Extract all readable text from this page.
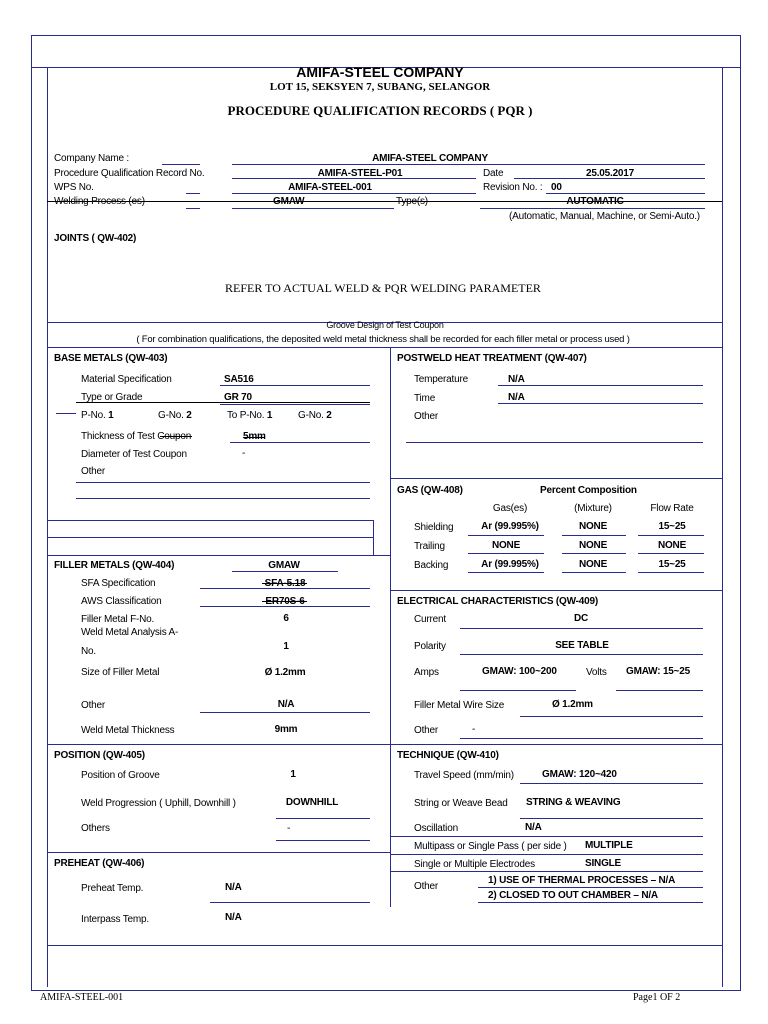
AMIFA-STEEL COMPANY
LOT 15, SEKSYEN 7, SUBANG, SELANGOR
PROCEDURE QUALIFICATION RECORDS ( PQR )
Company Name :	AMIFA-STEEL COMPANY
Procedure Qualification Record No.	AMIFA-STEEL-P01	Date	25.05.2017
WPS No.	AMIFA-STEEL-001	Revision No. : 00
Welding Process (es)	GMAW	Type(s)	AUTOMATIC
(Automatic, Manual, Machine, or Semi-Auto.)
JOINTS ( QW-402)
REFER TO ACTUAL WELD & PQR WELDING PARAMETER
Groove Design of Test Coupon
( For combination qualifications, the deposited weld metal thickness shall be recorded for each filler metal or process used )
BASE METALS (QW-403)
Material Specification	SA516
Type or Grade	GR 70
P-No. 1	G-No. 2	To P-No. 1	G-No. 2
Thickness of Test Coupon	5mm
Diameter of Test Coupon	-
Other
POSTWELD HEAT TREATMENT (QW-407)
Temperature	N/A
Time	N/A
Other
GAS (QW-408)	Percent Composition
Gas(es)	(Mixture)	Flow Rate
Shielding	Ar (99.995%)	NONE	15~25
Trailing	NONE	NONE	NONE
Backing	Ar (99.995%)	NONE	15~25
FILLER METALS (QW-404)	GMAW
SFA Specification	SFA-5.18
AWS Classification	ER70S-6
Filler Metal F-No.	6
Weld Metal Analysis A-
No.	1
Size of Filler Metal	Ø 1.2mm
Other	N/A
Weld Metal Thickness	9mm
ELECTRICAL CHARACTERISTICS (QW-409)
Current	DC
Polarity	SEE TABLE
Amps	GMAW: 100~200	Volts GMAW: 15~25
Filler Metal Wire Size	Ø 1.2mm
Other	-
POSITION (QW-405)
Position of Groove	1
Weld Progression ( Uphill, Downhill )	DOWNHILL
Others	-
TECHNIQUE (QW-410)
Travel Speed (mm/min)	GMAW: 120~420
String or Weave Bead STRING & WEAVING
Oscillation	N/A
Multipass or Single Pass ( per side ) MULTIPLE
Single or Multiple Electrodes	SINGLE
Other
1) USE OF THERMAL PROCESSES – N/A
2) CLOSED TO OUT CHAMBER – N/A
PREHEAT (QW-406)
Preheat Temp.	N/A
Interpass Temp.	N/A
AMIFA-STEEL-001	Page1 OF 2
